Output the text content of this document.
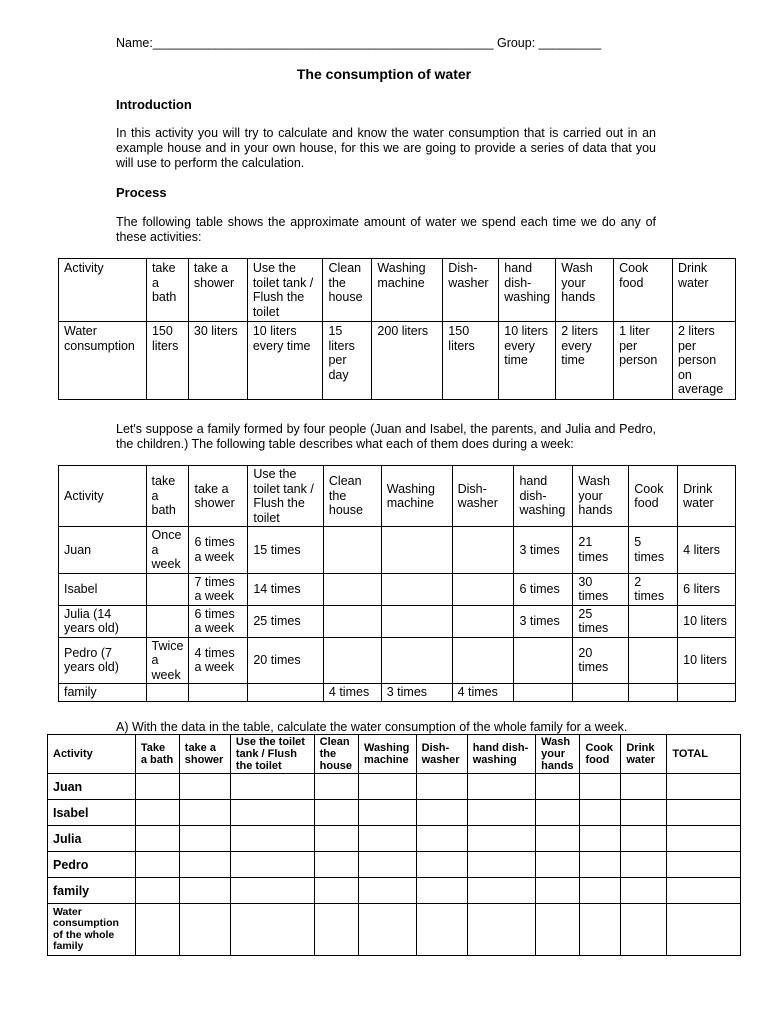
Name:_________________________________________________ Group: _________
The consumption of water
Introduction
In this activity you will try to calculate and know the water consumption that is carried out in an example house and in your own house, for this we are going to provide a series of data that you will use to perform the calculation.
Process
The following table shows the approximate amount of water we spend each time we do any of these activities:
Activity	take a bath	take a shower	Use the toilet tank / Flush the toilet	Clean the house	Washing machine	Dish-washer	hand dish-washing	Wash your hands	Cook food	Drink water
Water consumption	150 liters	30 liters	10 liters every time	15 liters per day	200 liters	150 liters	10 liters every time	2 liters every time	1 liter per person	2 liters per person on average
Let's suppose a family formed by four people (Juan and Isabel, the parents, and Julia and Pedro, the children.) The following table describes what each of them does during a week:
Activity	take a bath	take a shower	Use the toilet tank / Flush the toilet	Clean the house	Washing machine	Dish-washer	hand dish-washing	Wash your hands	Cook food	Drink water
Juan	Once a week	6 times a week	15 times				3 times	21 times	5 times	4 liters
Isabel		7 times a week	14 times				6 times	30 times	2 times	6 liters
Julia (14 years old)		6 times a week	25 times				3 times	25 times		10 liters
Pedro (7 years old)	Twice a week	4 times a week	20 times					20 times		10 liters
family				4 times	3 times	4 times				
A) With the data in the table, calculate the water consumption of the whole family for a week.
Activity	Take a bath	take a shower	Use the toilet tank / Flush the toilet	Clean the house	Washing machine	Dish-washer	hand dish-washing	Wash your hands	Cook food	Drink water	TOTAL
Juan											
Isabel											
Julia											
Pedro											
family											
Water consumption of the whole family											
